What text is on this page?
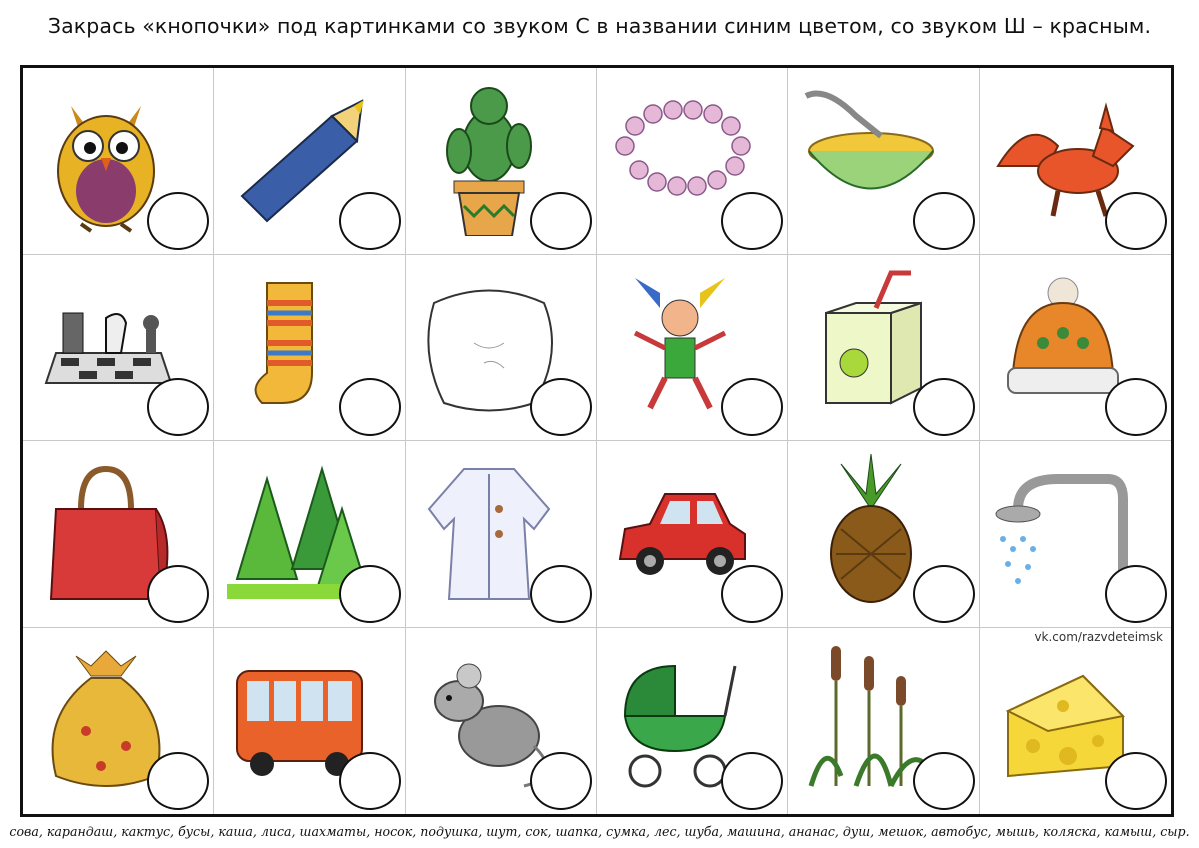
Закрась «кнопочки» под картинками со звуком С в названии синим цветом, со звуком Ш – красным.
vk.com/razvdeteimsk
сова, карандаш, кактус, бусы, каша, лиса, шахматы, носок, подушка, шут, сок, шапка, сумка, лес, шуба, машина, ананас, душ, мешок, автобус, мышь, коляска, камыш, сыр.
